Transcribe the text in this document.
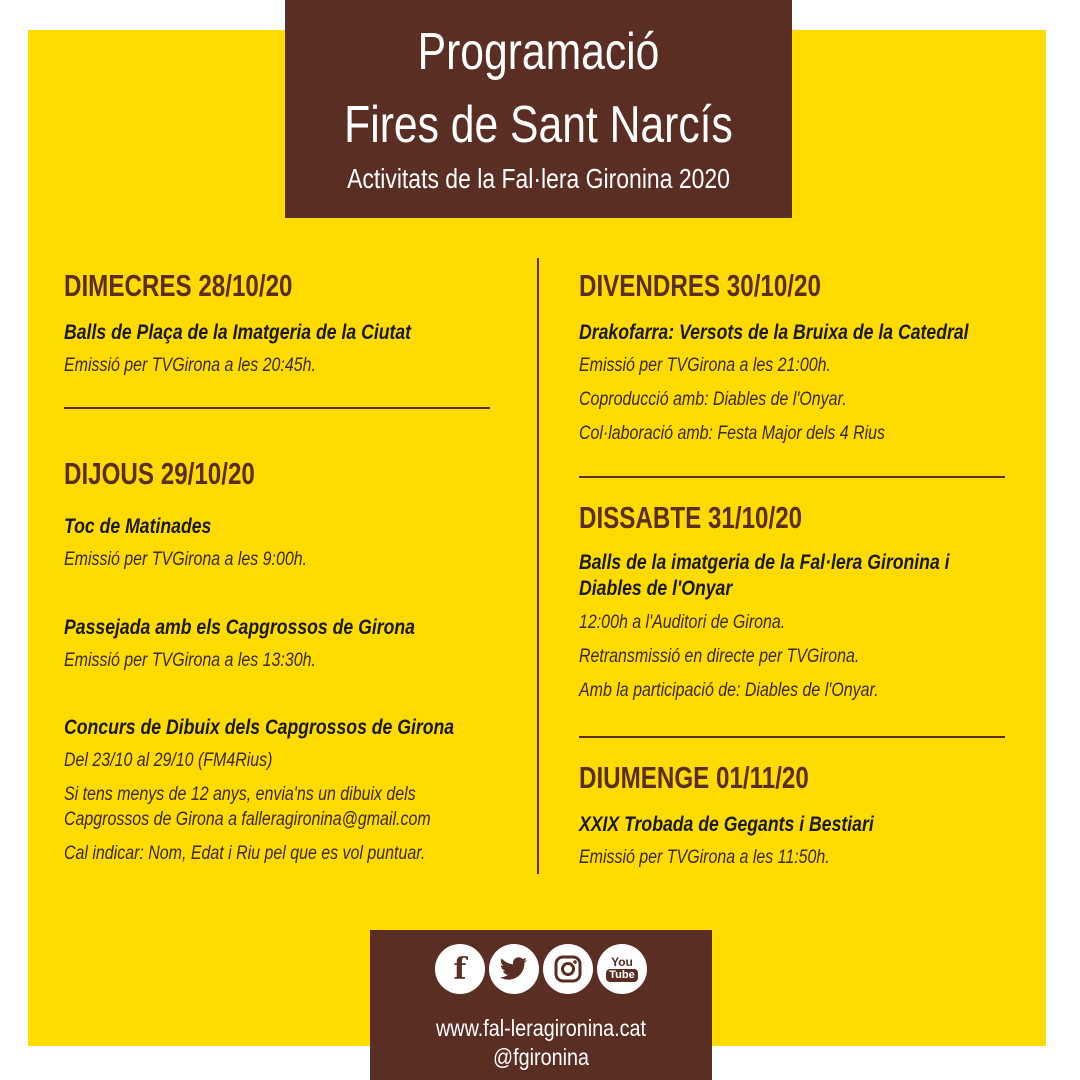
Programació
Fires de Sant Narcís
Activitats de la Fal·lera Gironina 2020
DIMECRES 28/10/20
Balls de Plaça de la Imatgeria de la Ciutat
Emissió per TVGirona a les 20:45h.
DIJOUS 29/10/20
Toc de Matinades
Emissió per TVGirona a les 9:00h.
Passejada amb els Capgrossos de Girona
Emissió per TVGirona a les 13:30h.
Concurs de Dibuix dels Capgrossos de Girona
Del 23/10 al 29/10 (FM4Rius)
Si tens menys de 12 anys, envia'ns un dibuix dels
Capgrossos de Girona a falleragironina@gmail.com
Cal indicar: Nom, Edat i Riu pel que es vol puntuar.
DIVENDRES 30/10/20
Drakofarra: Versots de la Bruixa de la Catedral
Emissió per TVGirona a les 21:00h.
Coproducció amb: Diables de l'Onyar.
Col·laboració amb: Festa Major dels 4 Rius
DISSABTE 31/10/20
Balls de la imatgeria de la Fal·lera Gironina i
Diables de l'Onyar
12:00h a l'Auditori de Girona.
Retransmissió en directe per TVGirona.
Amb la participació de: Diables de l'Onyar.
DIUMENGE 01/11/20
XXIX Trobada de Gegants i Bestiari
Emissió per TVGirona a les 11:50h.
f	You
Tube
www.fal-leragironina.cat
@fgironina
